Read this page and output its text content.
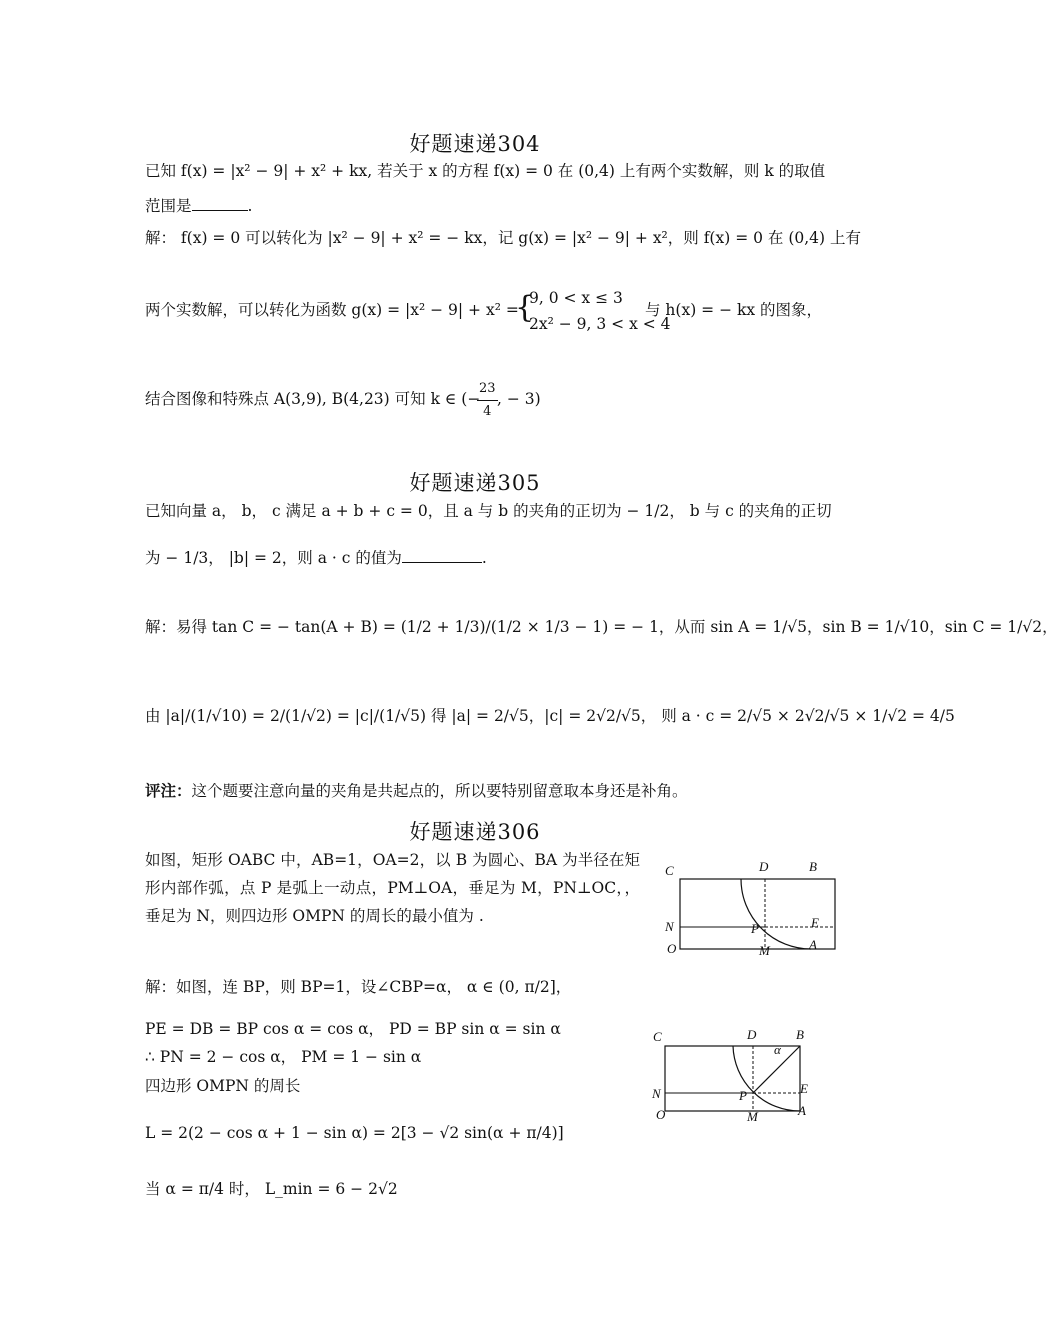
好题速递304
已知 f(x) = |x² − 9| + x² + kx, 若关于 x 的方程 f(x) = 0 在 (0,4) 上有两个实数解，则 k 的取值
范围是	.
解： f(x) = 0 可以转化为 |x² − 9| + x² = − kx，记 g(x) = |x² − 9| + x²，则 f(x) = 0 在 (0,4) 上有
两个实数解，可以转化为函数 g(x) = |x² − 9| + x² =
{
9, 0 < x ≤ 3
2x² − 9, 3 < x < 4
与 h(x) = − kx 的图象，
结合图像和特殊点 A(3,9), B(4,23) 可知 k ∈ (−
$\frac{23}{4}$ , − 3)
好题速递305
已知向量 a， b， c 满足 a + b + c = 0，且 a 与 b 的夹角的正切为 − 1/2， b 与 c 的夹角的正切
为 − 1/3， |b| = 2，则 a · c 的值为	.
解：易得 tan C = − tan(A + B) = (1/2 + 1/3)/(1/2 × 1/3 − 1) = − 1，从而 sin A = 1/√5，sin B = 1/√10，sin C = 1/√2，
由 |a|/(1/√10) = 2/(1/√2) = |c|/(1/√5) 得 |a| = 2/√5，|c| = 2√2/√5， 则 a · c = 2/√5 × 2√2/√5 × 1/√2 = 4/5
评注：这个题要注意向量的夹角是共起点的，所以要特别留意取本身还是补角。
好题速递306
如图，矩形 OABC 中，AB=1，OA=2，以 B 为圆心、BA 为半径在矩形内部作弧，点 P 是弧上一动点，PM⊥OA，垂足为 M，PN⊥OC，，垂足为 N，则四边形 OMPN 的周长的最小值为 .
C	D	B
N	P	E
O	M	A
解：如图，连 BP，则 BP=1，设∠CBP=α， α ∈ (0, π/2]，
PE = DB = BP cos α = cos α， PD = BP sin α = sin α
∴ PN = 2 − cos α， PM = 1 − sin α
四边形 OMPN 的周长
L = 2(2 − cos α + 1 − sin α) = 2[3 − √2 sin(α + π/4)]
当 α = π/4 时， L_min = 6 − 2√2
C	D	B
α
N	P	E
O	M	A
